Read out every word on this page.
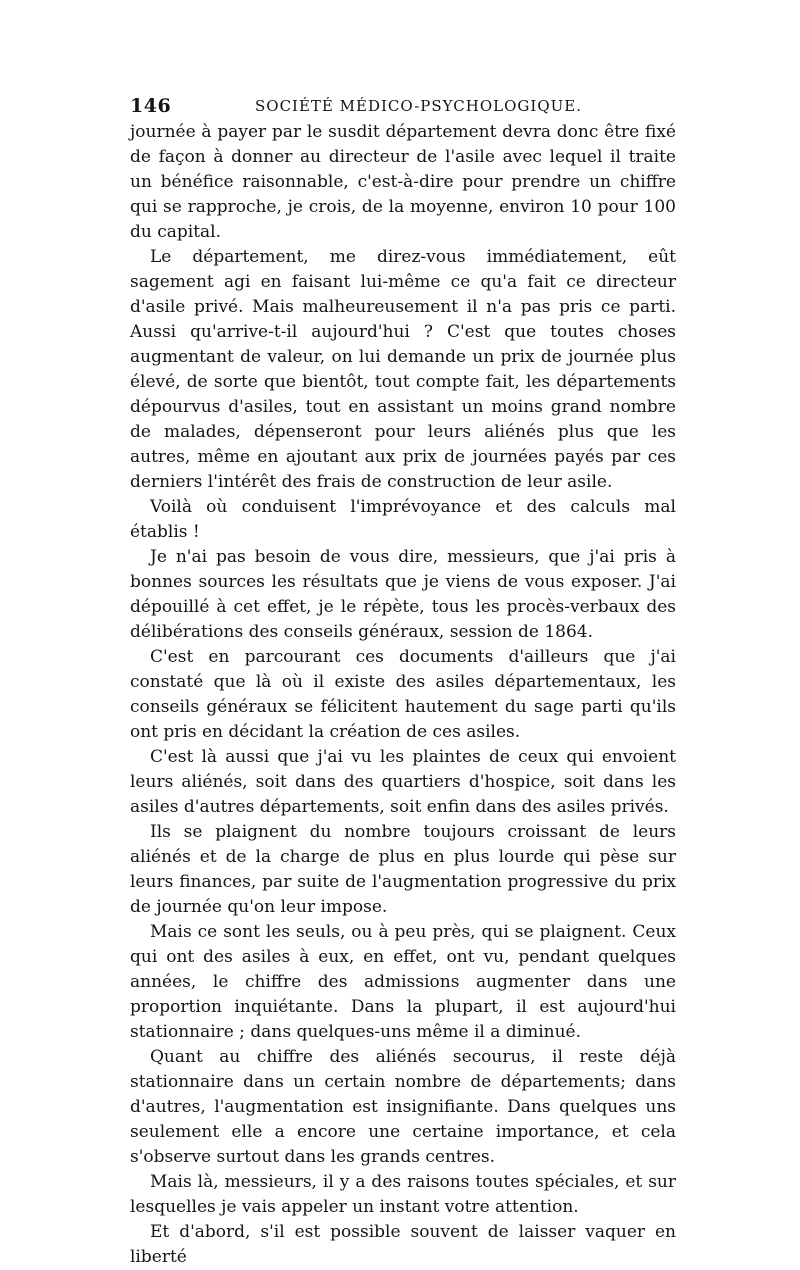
146	SOCIÉTÉ MÉDICO-PSYCHOLOGIQUE.

journée à payer par le susdit département devra donc être fixé de façon à donner au directeur de l'asile avec lequel il traite un bénéfice raisonnable, c'est-à-dire pour prendre un chiffre qui se rapproche, je crois, de la moyenne, environ 10 pour 100 du capital.

Le département, me direz-vous immédiatement, eût sagement agi en faisant lui-même ce qu'a fait ce directeur d'asile privé. Mais malheureusement il n'a pas pris ce parti. Aussi qu'arrive-t-il aujourd'hui ? C'est que toutes choses augmentant de valeur, on lui demande un prix de journée plus élevé, de sorte que bientôt, tout compte fait, les départements dépourvus d'asiles, tout en assistant un moins grand nombre de malades, dépenseront pour leurs aliénés plus que les autres, même en ajoutant aux prix de journées payés par ces derniers l'intérêt des frais de construction de leur asile.

Voilà où conduisent l'imprévoyance et des calculs mal établis !

Je n'ai pas besoin de vous dire, messieurs, que j'ai pris à bonnes sources les résultats que je viens de vous exposer. J'ai dépouillé à cet effet, je le répète, tous les procès-verbaux des délibérations des conseils généraux, session de 1864.

C'est en parcourant ces documents d'ailleurs que j'ai constaté que là où il existe des asiles départementaux, les conseils généraux se félicitent hautement du sage parti qu'ils ont pris en décidant la création de ces asiles.

C'est là aussi que j'ai vu les plaintes de ceux qui envoient leurs aliénés, soit dans des quartiers d'hospice, soit dans les asiles d'autres départements, soit enfin dans des asiles privés.

Ils se plaignent du nombre toujours croissant de leurs aliénés et de la charge de plus en plus lourde qui pèse sur leurs finances, par suite de l'augmentation progressive du prix de journée qu'on leur impose.

Mais ce sont les seuls, ou à peu près, qui se plaignent. Ceux qui ont des asiles à eux, en effet, ont vu, pendant quelques années, le chiffre des admissions augmenter dans une proportion inquiétante. Dans la plupart, il est aujourd'hui stationnaire ; dans quelques-uns même il a diminué.

Quant au chiffre des aliénés secourus, il reste déjà stationnaire dans un certain nombre de départements; dans d'autres, l'augmentation est insignifiante. Dans quelques uns seulement elle a encore une certaine importance, et cela s'observe surtout dans les grands centres.

Mais là, messieurs, il y a des raisons toutes spéciales, et sur lesquelles je vais appeler un instant votre attention.

Et d'abord, s'il est possible souvent de laisser vaquer en liberté
